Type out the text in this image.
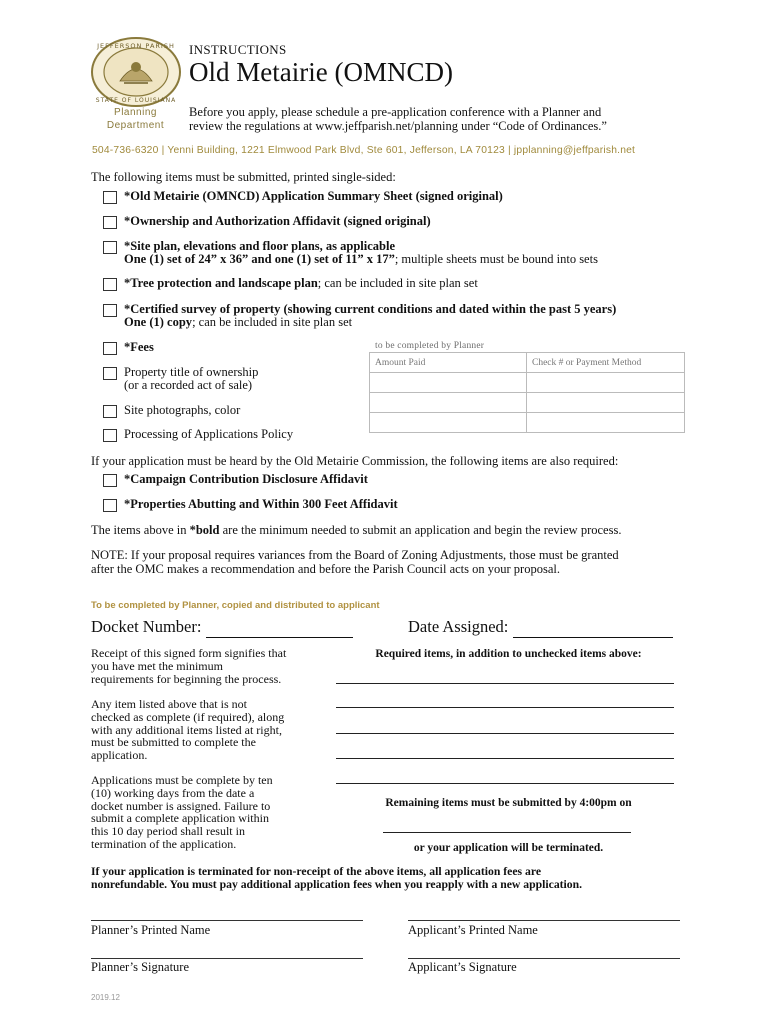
JEFFERSON PARISH
STATE OF LOUISIANA
Planning
Department
INSTRUCTIONS
Old Metairie (OMNCD)
Before you apply, please schedule a pre-application conference with a Planner and
review the regulations at www.jeffparish.net/planning under “Code of Ordinances.”
504-736-6320 | Yenni Building, 1221 Elmwood Park Blvd, Ste 601, Jefferson, LA 70123 | jpplanning@jeffparish.net
The following items must be submitted, printed single-sided:
*Old Metairie (OMNCD) Application Summary Sheet (signed original)
*Ownership and Authorization Affidavit (signed original)
*Site plan, elevations and floor plans, as applicable
One (1) set of 24” x 36” and one (1) set of 11” x 17”; multiple sheets must be bound into sets
*Tree protection and landscape plan; can be included in site plan set
*Certified survey of property (showing current conditions and dated within the past 5 years)
One (1) copy; can be included in site plan set
*Fees
Property title of ownership
(or a recorded act of sale)
Site photographs, color
Processing of Applications Policy
to be completed by Planner
Amount Paid	Check # or Payment Method

If your application must be heard by the Old Metairie Commission, the following items are also required:
*Campaign Contribution Disclosure Affidavit
*Properties Abutting and Within 300 Feet Affidavit
The items above in *bold are the minimum needed to submit an application and begin the review process.
NOTE: If your proposal requires variances from the Board of Zoning Adjustments, those must be granted
after the OMC makes a recommendation and before the Parish Council acts on your proposal.
To be completed by Planner, copied and distributed to applicant
Docket Number:	Date Assigned:
Receipt of this signed form signifies that
you have met the minimum
requirements for beginning the process.
Any item listed above that is not
checked as complete (if required), along
with any additional items listed at right,
must be submitted to complete the
application.
Applications must be complete by ten
(10) working days from the date a
docket number is assigned. Failure to
submit a complete application within
this 10 day period shall result in
termination of the application.
Required items, in addition to unchecked items above:
Remaining items must be submitted by 4:00pm on
or your application will be terminated.
If your application is terminated for non-receipt of the above items, all application fees are
nonrefundable. You must pay additional application fees when you reapply with a new application.
Planner’s Printed Name	Applicant’s Printed Name
Planner’s Signature	Applicant’s Signature
2019.12
